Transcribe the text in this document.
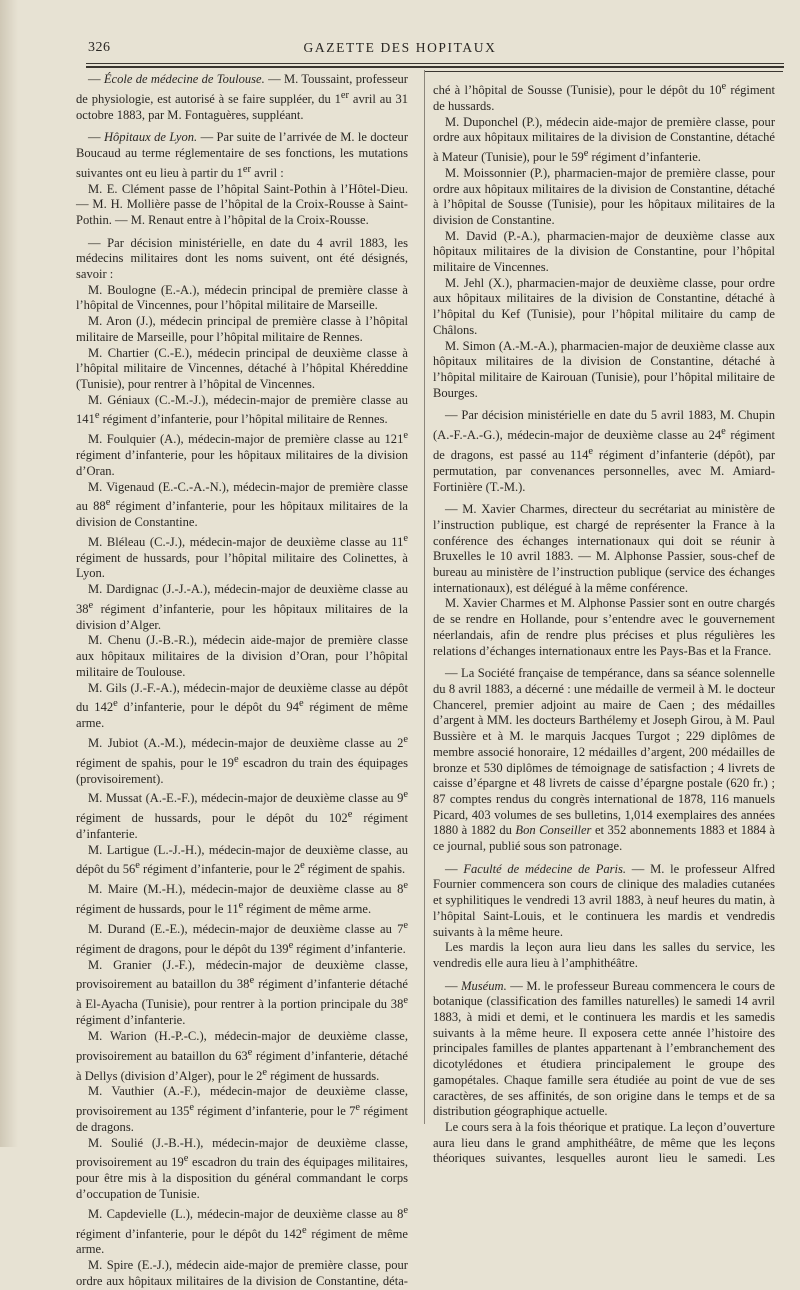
326	GAZETTE DES HOPITAUX

— École de médecine de Toulouse. — M. Toussaint, professeur de physiologie, est autorisé à se faire suppléer, du 1er avril au 31 octobre 1883, par M. Fontaguères, suppléant.

— Hôpitaux de Lyon. — Par suite de l’arrivée de M. le docteur Boucaud au terme réglementaire de ses fonctions, les mutations suivantes ont eu lieu à partir du 1er avril :

M. E. Clément passe de l’hôpital Saint-Pothin à l’Hôtel-Dieu. — M. H. Mollière passe de l’hôpital de la Croix-Rousse à Saint-Pothin. — M. Renaut entre à l’hôpital de la Croix-Rousse.

— Par décision ministérielle, en date du 4 avril 1883, les médecins militaires dont les noms suivent, ont été désignés, savoir :

M. Boulogne (E.-A.), médecin principal de première classe à l’hôpital de Vincennes, pour l’hôpital militaire de Marseille.

M. Aron (J.), médecin principal de première classe à l’hôpital militaire de Marseille, pour l’hôpital militaire de Rennes.

M. Chartier (C.-E.), médecin principal de deuxième classe à l’hôpital militaire de Vincennes, détaché à l’hôpital Khéreddine (Tunisie), pour rentrer à l’hôpital de Vincennes.

M. Géniaux (C.-M.-J.), médecin-major de première classe au 141e régiment d’infanterie, pour l’hôpital militaire de Rennes.

M. Foulquier (A.), médecin-major de première classe au 121e régiment d’infanterie, pour les hôpitaux militaires de la division d’Oran.

M. Vigenaud (E.-C.-A.-N.), médecin-major de première classe au 88e régiment d’infanterie, pour les hôpitaux militaires de la division de Constantine.

M. Bléleau (C.-J.), médecin-major de deuxième classe au 11e régiment de hussards, pour l’hôpital militaire des Colinettes, à Lyon.

M. Dardignac (J.-J.-A.), médecin-major de deuxième classe au 38e régiment d’infanterie, pour les hôpitaux militaires de la division d’Alger.

M. Chenu (J.-B.-R.), médecin aide-major de première classe aux hôpitaux militaires de la division d’Oran, pour l’hôpital militaire de Toulouse.

M. Gils (J.-F.-A.), médecin-major de deuxième classe au dépôt du 142e d’infanterie, pour le dépôt du 94e régiment de même arme.

M. Jubiot (A.-M.), médecin-major de deuxième classe au 2e régiment de spahis, pour le 19e escadron du train des équipages (provisoirement).

M. Mussat (A.-E.-F.), médecin-major de deuxième classe au 9e régiment de hussards, pour le dépôt du 102e régiment d’infanterie.

M. Lartigue (L.-J.-H.), médecin-major de deuxième classe, au dépôt du 56e régiment d’infanterie, pour le 2e régiment de spahis.

M. Maire (M.-H.), médecin-major de deuxième classe au 8e régiment de hussards, pour le 11e régiment de même arme.

M. Durand (E.-E.), médecin-major de deuxième classe au 7e régiment de dragons, pour le dépôt du 139e régiment d’infanterie.

M. Granier (J.-F.), médecin-major de deuxième classe, provisoirement au bataillon du 38e régiment d’infanterie détaché à El-Ayacha (Tunisie), pour rentrer à la portion principale du 38e régiment d’infanterie.

M. Warion (H.-P.-C.), médecin-major de deuxième classe, provisoirement au bataillon du 63e régiment d’infanterie, détaché à Dellys (division d’Alger), pour le 2e régiment de hussards.

M. Vauthier (A.-F.), médecin-major de deuxième classe, provisoirement au 135e régiment d’infanterie, pour le 7e régiment de dragons.

M. Soulié (J.-B.-H.), médecin-major de deuxième classe, provisoirement au 19e escadron du train des équipages militaires, pour être mis à la disposition du général commandant le corps d’occupation de Tunisie.

M. Capdevielle (L.), médecin-major de deuxième classe au 8e régiment d’infanterie, pour le dépôt du 142e régiment de même arme.

M. Spire (E.-J.), médecin aide-major de première classe, pour ordre aux hôpitaux militaires de la division de Constantine, déta-

ché à l’hôpital de Sousse (Tunisie), pour le dépôt du 10e régiment de hussards.

M. Duponchel (P.), médecin aide-major de première classe, pour ordre aux hôpitaux militaires de la division de Constantine, détaché à Mateur (Tunisie), pour le 59e régiment d’infanterie.

M. Moissonnier (P.), pharmacien-major de première classe, pour ordre aux hôpitaux militaires de la division de Constantine, détaché à l’hôpital de Sousse (Tunisie), pour les hôpitaux militaires de la division de Constantine.

M. David (P.-A.), pharmacien-major de deuxième classe aux hôpitaux militaires de la division de Constantine, pour l’hôpital militaire de Vincennes.

M. Jehl (X.), pharmacien-major de deuxième classe, pour ordre aux hôpitaux militaires de la division de Constantine, détaché à l’hôpital du Kef (Tunisie), pour l’hôpital militaire du camp de Châlons.

M. Simon (A.-M.-A.), pharmacien-major de deuxième classe aux hôpitaux militaires de la division de Constantine, détaché à l’hôpital militaire de Kairouan (Tunisie), pour l’hôpital militaire de Bourges.

— Par décision ministérielle en date du 5 avril 1883, M. Chupin (A.-F.-A.-G.), médecin-major de deuxième classe au 24e régiment de dragons, est passé au 114e régiment d’infanterie (dépôt), par permutation, par convenances personnelles, avec M. Amiard-Fortinière (T.-M.).

— M. Xavier Charmes, directeur du secrétariat au ministère de l’instruction publique, est chargé de représenter la France à la conférence des échanges internationaux qui doit se réunir à Bruxelles le 10 avril 1883. — M. Alphonse Passier, sous-chef de bureau au ministère de l’instruction publique (service des échanges internationaux), est délégué à la même conférence.

M. Xavier Charmes et M. Alphonse Passier sont en outre chargés de se rendre en Hollande, pour s’entendre avec le gouvernement néerlandais, afin de rendre plus précises et plus régulières les relations d’échanges internationaux entre les Pays-Bas et la France.

— La Société française de tempérance, dans sa séance solennelle du 8 avril 1883, a décerné : une médaille de vermeil à M. le docteur Chancerel, premier adjoint au maire de Caen ; des médailles d’argent à MM. les docteurs Barthélemy et Joseph Girou, à M. Paul Bussière et à M. le marquis Jacques Turgot ; 229 diplômes de membre associé honoraire, 12 médailles d’argent, 200 médailles de bronze et 530 diplômes de témoignage de satisfaction ; 4 livrets de caisse d’épargne et 48 livrets de caisse d’épargne postale (620 fr.) ; 87 comptes rendus du congrès international de 1878, 116 manuels Picard, 403 volumes de ses bulletins, 1,014 exemplaires des années 1880 à 1882 du Bon Conseiller et 352 abonnements 1883 et 1884 à ce journal, publié sous son patronage.

— Faculté de médecine de Paris. — M. le professeur Alfred Fournier commencera son cours de clinique des maladies cutanées et syphilitiques le vendredi 13 avril 1883, à neuf heures du matin, à l’hôpital Saint-Louis, et le continuera les mardis et vendredis suivants à la même heure.

Les mardis la leçon aura lieu dans les salles du service, les vendredis elle aura lieu à l’amphithéâtre.

— Muséum. — M. le professeur Bureau commencera le cours de botanique (classification des familles naturelles) le samedi 14 avril 1883, à midi et demi, et le continuera les mardis et les samedis suivants à la même heure. Il exposera cette année l’histoire des principales familles de plantes appartenant à l’embranchement des dicotylédones et étudiera principalement le groupe des gamopétales. Chaque famille sera étudiée au point de vue de ses caractères, de ses affinités, de son origine dans le temps et de sa distribution géographique actuelle.

Le cours sera à la fois théorique et pratique. La leçon d’ouverture aura lieu dans le grand amphithéâtre, de même que les leçons théoriques suivantes, lesquelles auront lieu le samedi. Les
